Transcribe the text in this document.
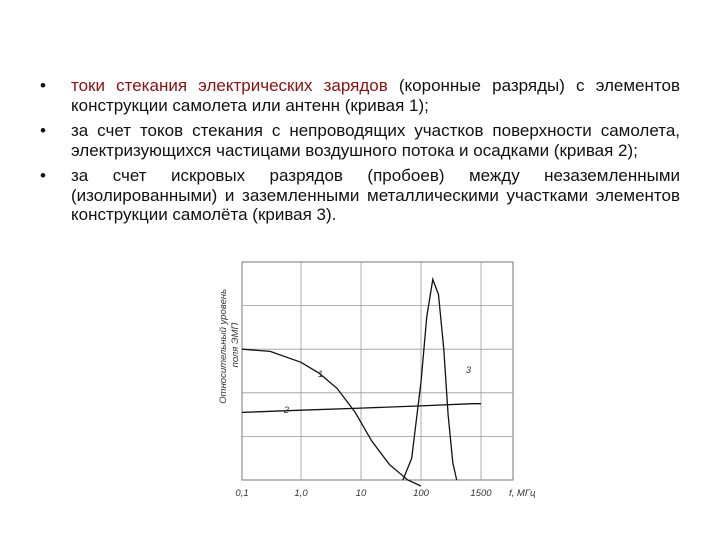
• токи стекания электрических зарядов (коронные разряды) с элементов конструкции самолета или антенн (кривая 1);
• за счет токов стекания с непроводящих участков поверхности самолета, электризующихся частицами воздушного потока и осадками (кривая 2);
• за счет искровых разрядов (пробоев) между незаземленными (изолированными) и заземленными металлическими участками элементов конструкции самолёта (кривая 3).
1
2
3
0,1	1,0	10	100	1500 f, МГц
Относительный уровень поля ЭМП
